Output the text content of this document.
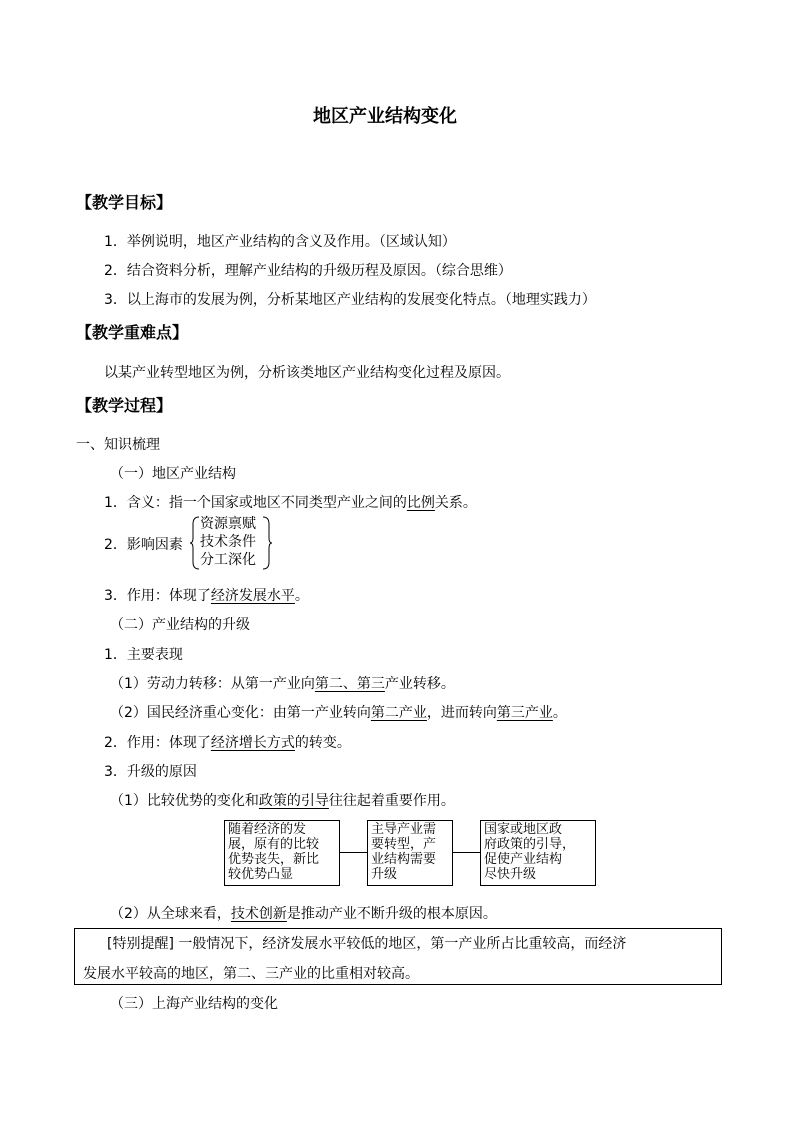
地区产业结构变化
【教学目标】
1．举例说明，地区产业结构的含义及作用。（区域认知）
2．结合资料分析，理解产业结构的升级历程及原因。（综合思维）
3．以上海市的发展为例，分析某地区产业结构的发展变化特点。（地理实践力）
【教学重难点】
以某产业转型地区为例，分析该类地区产业结构变化过程及原因。
【教学过程】
一、知识梳理
（一）地区产业结构
1．含义：指一个国家或地区不同类型产业之间的比例关系。
2．影响因素
资源禀赋
技术条件
分工深化
3．作用：体现了经济发展水平。
（二）产业结构的升级
1．主要表现
（1）劳动力转移：从第一产业向第二、第三产业转移。
（2）国民经济重心变化：由第一产业转向第二产业，进而转向第三产业。
2．作用：体现了经济增长方式的转变。
3．升级的原因
（1）比较优势的变化和政策的引导往往起着重要作用。
随着经济的发
展，原有的比较
优势丧失，新比
较优势凸显
主导产业需
要转型，产
业结构需要
升级
国家或地区政
府政策的引导，
促使产业结构
尽快升级
（2）从全球来看，技术创新是推动产业不断升级的根本原因。
[特别提醒] 一般情况下，经济发展水平较低的地区，第一产业所占比重较高，而经济
发展水平较高的地区，第二、三产业的比重相对较高。
（三）上海产业结构的变化
